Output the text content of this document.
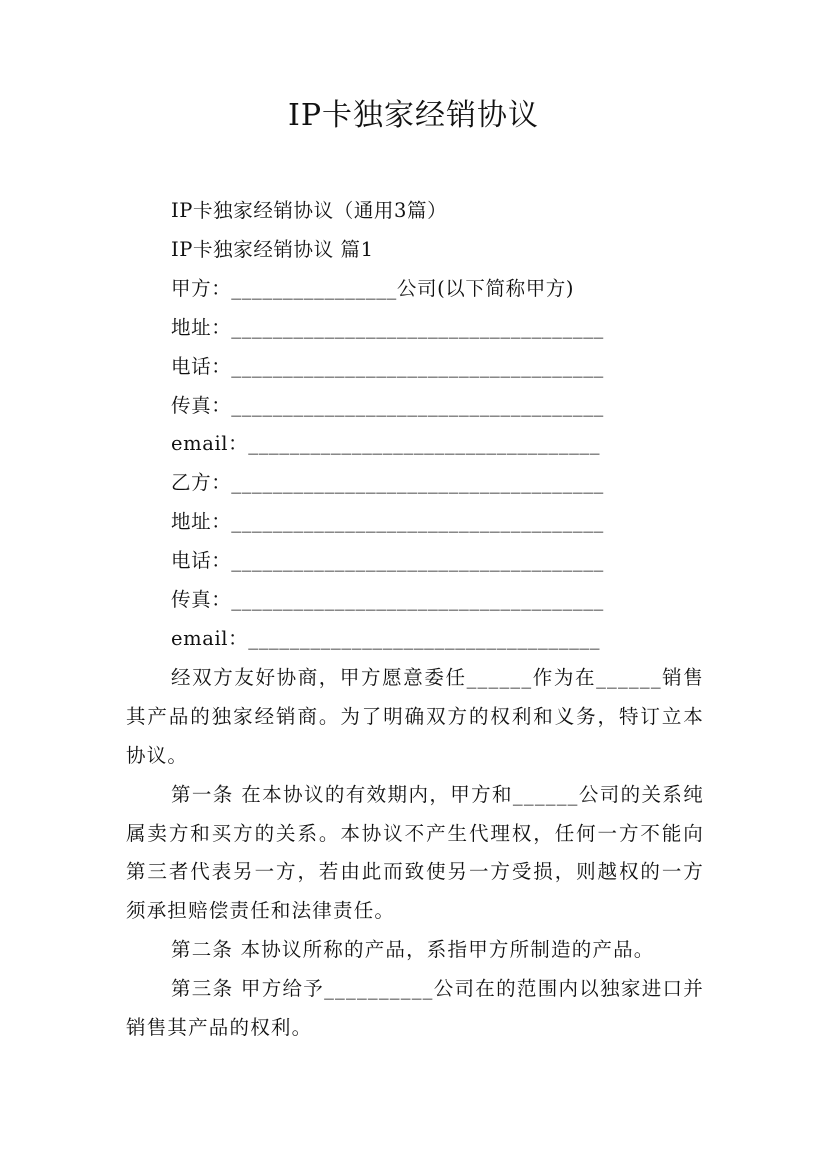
IP卡独家经销协议

IP卡独家经销协议（通用3篇）

IP卡独家经销协议 篇1

甲方：________________公司(以下简称甲方)

地址：____________________________________

电话：____________________________________

传真：____________________________________

email：__________________________________

乙方：____________________________________

地址：____________________________________

电话：____________________________________

传真：____________________________________

email：__________________________________

经双方友好协商，甲方愿意委任______作为在______销售其产品的独家经销商。为了明确双方的权利和义务，特订立本协议。

第一条 在本协议的有效期内，甲方和______公司的关系纯属卖方和买方的关系。本协议不产生代理权，任何一方不能向第三者代表另一方，若由此而致使另一方受损，则越权的一方须承担赔偿责任和法律责任。

第二条 本协议所称的产品，系指甲方所制造的产品。

第三条 甲方给予__________公司在的范围内以独家进口并销售其产品的权利。
